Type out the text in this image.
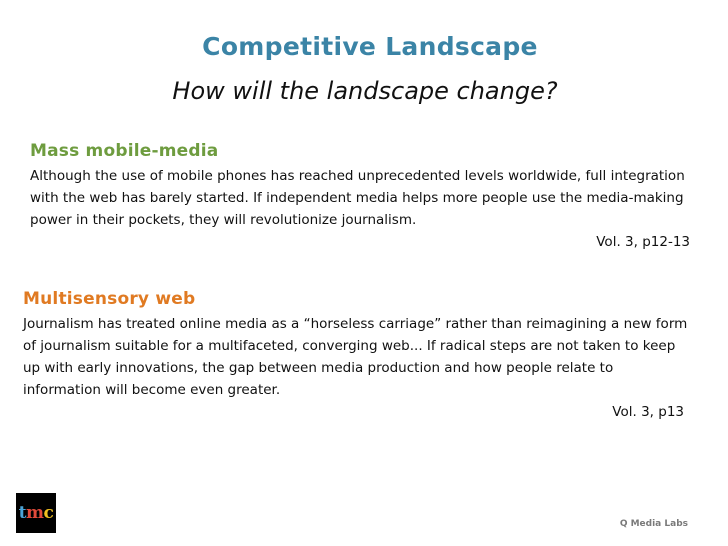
Competitive Landscape
How will the landscape change?
Mass mobile-media
Although the use of mobile phones has reached unprecedented levels worldwide, full integration with the web has barely started. If independent media helps more people use the media-making power in their pockets, they will revolutionize journalism.
Vol. 3, p12-13
Multisensory web
Journalism has treated online media as a “horseless carriage” rather than reimagining a new form of journalism suitable for a multifaceted, converging web... If radical steps are not taken to keep up with early innovations, the gap between media production and how people relate to information will become even greater.
Vol. 3, p13
t m c
Q Media Labs
